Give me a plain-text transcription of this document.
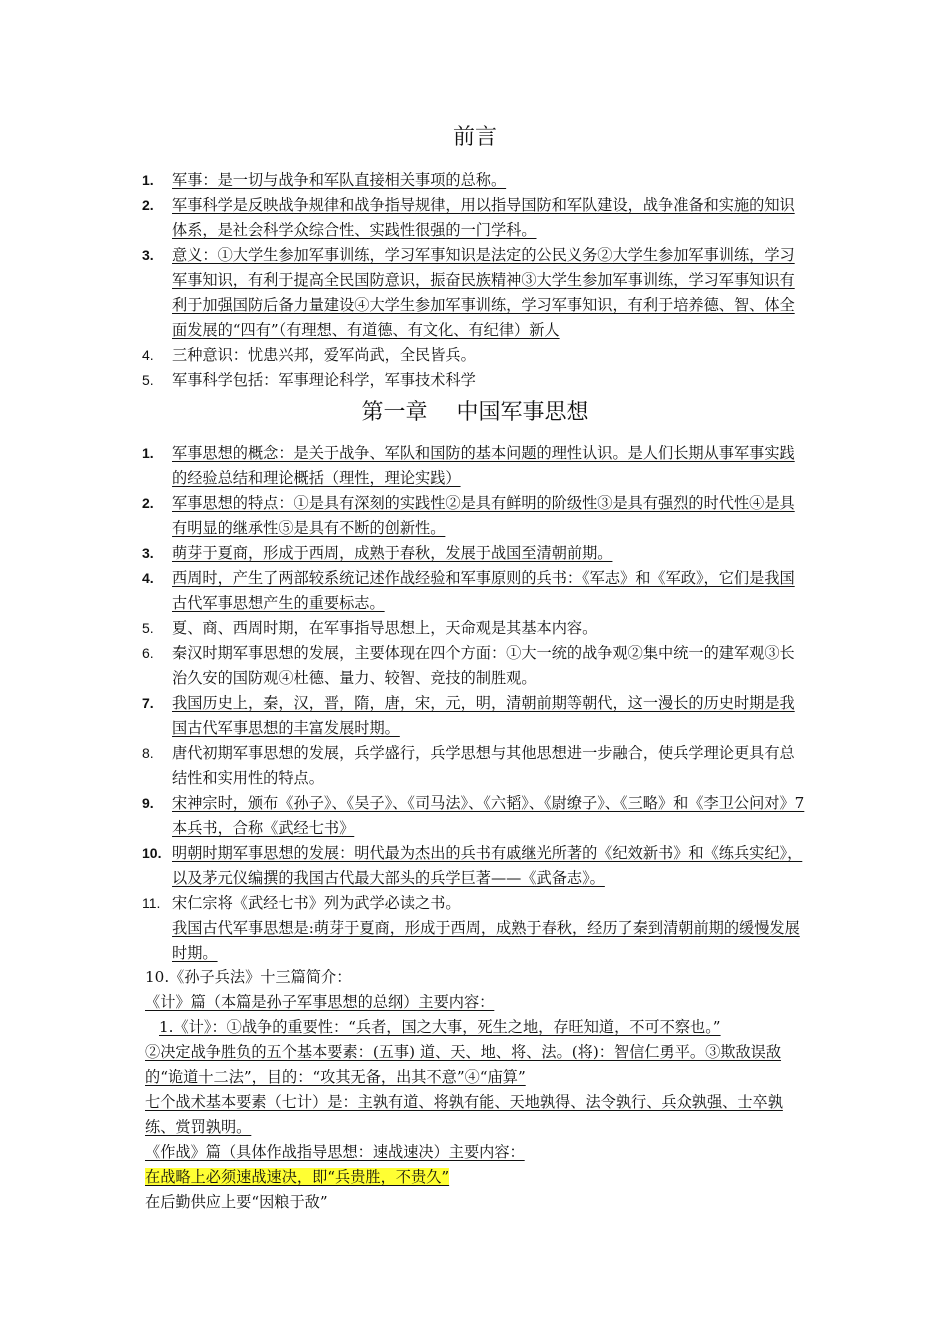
前言
1.	军事：是一切与战争和军队直接相关事项的总称。
2.	军事科学是反映战争规律和战争指导规律，用以指导国防和军队建设，战争准备和实施的知识体系，是社会科学众综合性、实践性很强的一门学科。
3.	意义：①大学生参加军事训练，学习军事知识是法定的公民义务②大学生参加军事训练，学习军事知识，有利于提高全民国防意识，振奋民族精神③大学生参加军事训练，学习军事知识有利于加强国防后备力量建设④大学生参加军事训练，学习军事知识，有利于培养德、智、体全面发展的“四有”（有理想、有道德、有文化、有纪律）新人
4.	三种意识：忧患兴邦，爱军尚武，全民皆兵。
5.	军事科学包括：军事理论科学，军事技术科学
第一章　 中国军事思想
1.	军事思想的概念：是关于战争、军队和国防的基本问题的理性认识。是人们长期从事军事实践的经验总结和理论概括（理性，理论实践）
2.	军事思想的特点：①是具有深刻的实践性②是具有鲜明的阶级性③是具有强烈的时代性④是具有明显的继承性⑤是具有不断的创新性。
3.	萌芽于夏商，形成于西周，成熟于春秋，发展于战国至清朝前期。
4.	西周时，产生了两部较系统记述作战经验和军事原则的兵书：《军志》和《军政》，它们是我国古代军事思想产生的重要标志。
5.	夏、商、西周时期，在军事指导思想上，天命观是其基本内容。
6.	秦汉时期军事思想的发展，主要体现在四个方面：①大一统的战争观②集中统一的建军观③长治久安的国防观④杜德、量力、较智、竞技的制胜观。
7.	我国历史上，秦，汉，晋，隋，唐，宋，元，明，清朝前期等朝代，这一漫长的历史时期是我国古代军事思想的丰富发展时期。
8.	唐代初期军事思想的发展，兵学盛行，兵学思想与其他思想进一步融合，使兵学理论更具有总结性和实用性的特点。
9.	宋神宗时，颁布《孙子》、《吴子》、《司马法》、《六韬》、《尉缭子》、《三略》和《李卫公问对》7 本兵书，合称《武经七书》
10. 明朝时期军事思想的发展：明代最为杰出的兵书有戚继光所著的《纪效新书》和《练兵实纪》，以及茅元仪编撰的我国古代最大部头的兵学巨著——《武备志》。
11. 宋仁宗将《武经七书》列为武学必读之书。
我国古代军事思想是:萌芽于夏商，形成于西周，成熟于春秋，经历了秦到清朝前期的缓慢发展时期。
10.《孙子兵法》十三篇简介：
《计》篇（本篇是孙子军事思想的总纲）主要内容：
1.《计》：①战争的重要性：“兵者，国之大事，死生之地，存旺知道，不可不察也。”
②决定战争胜负的五个基本要素：(五事) 道、天、地、将、法。(将)：智信仁勇平。③欺敌误敌的“诡道十二法”，目的：“攻其无备，出其不意”④“庙算”
七个战术基本要素（七计）是：主孰有道、将孰有能、天地孰得、法令孰行、兵众孰强、士卒孰练、赏罚孰明。
《作战》篇（具体作战指导思想：速战速决）主要内容：
在战略上必须速战速决，即“兵贵胜，不贵久”
在后勤供应上要“因粮于敌”
